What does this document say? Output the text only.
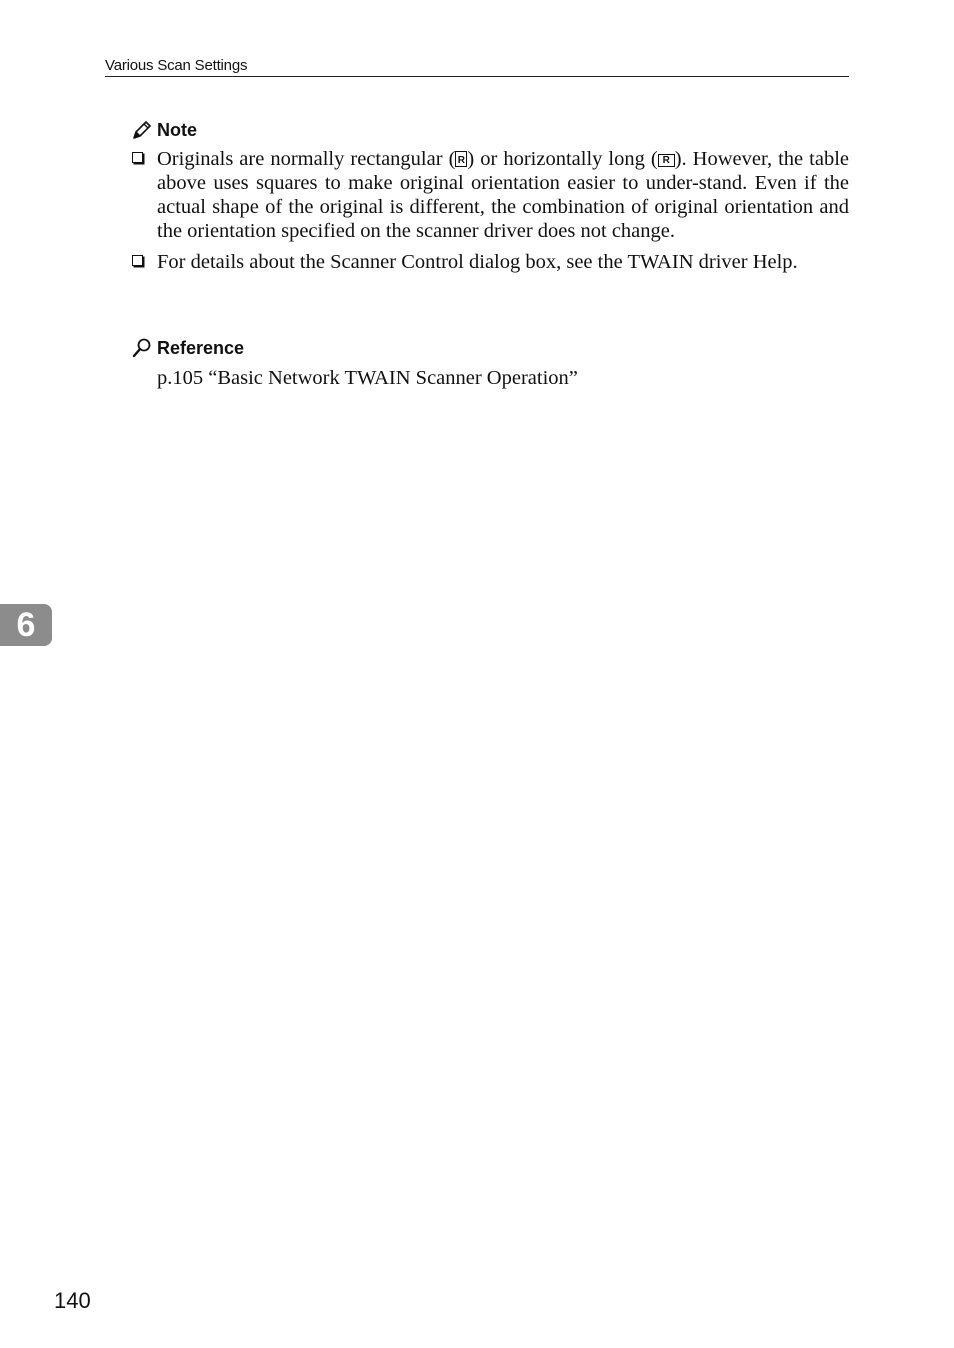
Various Scan Settings
Note
Originals are normally rectangular ( R ) or horizontally long ( R ). However, the table above uses squares to make original orientation easier to under-stand. Even if the actual shape of the original is different, the combination of original orientation and the orientation specified on the scanner driver does not change.
For details about the Scanner Control dialog box, see the TWAIN driver Help.
Reference
p.105 “Basic Network TWAIN Scanner Operation”
6
140
